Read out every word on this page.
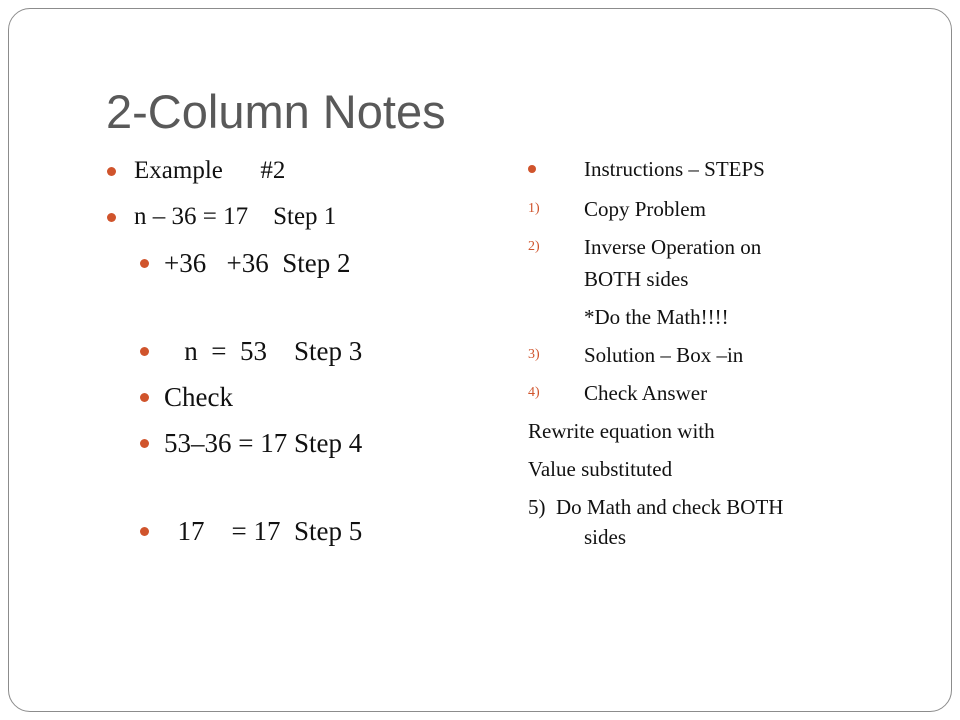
2-Column Notes
Example      #2
n – 36 = 17    Step 1
+36   +36  Step 2
n  =  53    Step 3
Check
53–36 = 17 Step 4
17    = 17  Step 5
Instructions – STEPS
1) Copy Problem
2) Inverse Operation on
BOTH sides
*Do the Math!!!!
3) Solution – Box –in
4) Check Answer
Rewrite equation with
Value substituted
5)  Do Math and check BOTH
sides
